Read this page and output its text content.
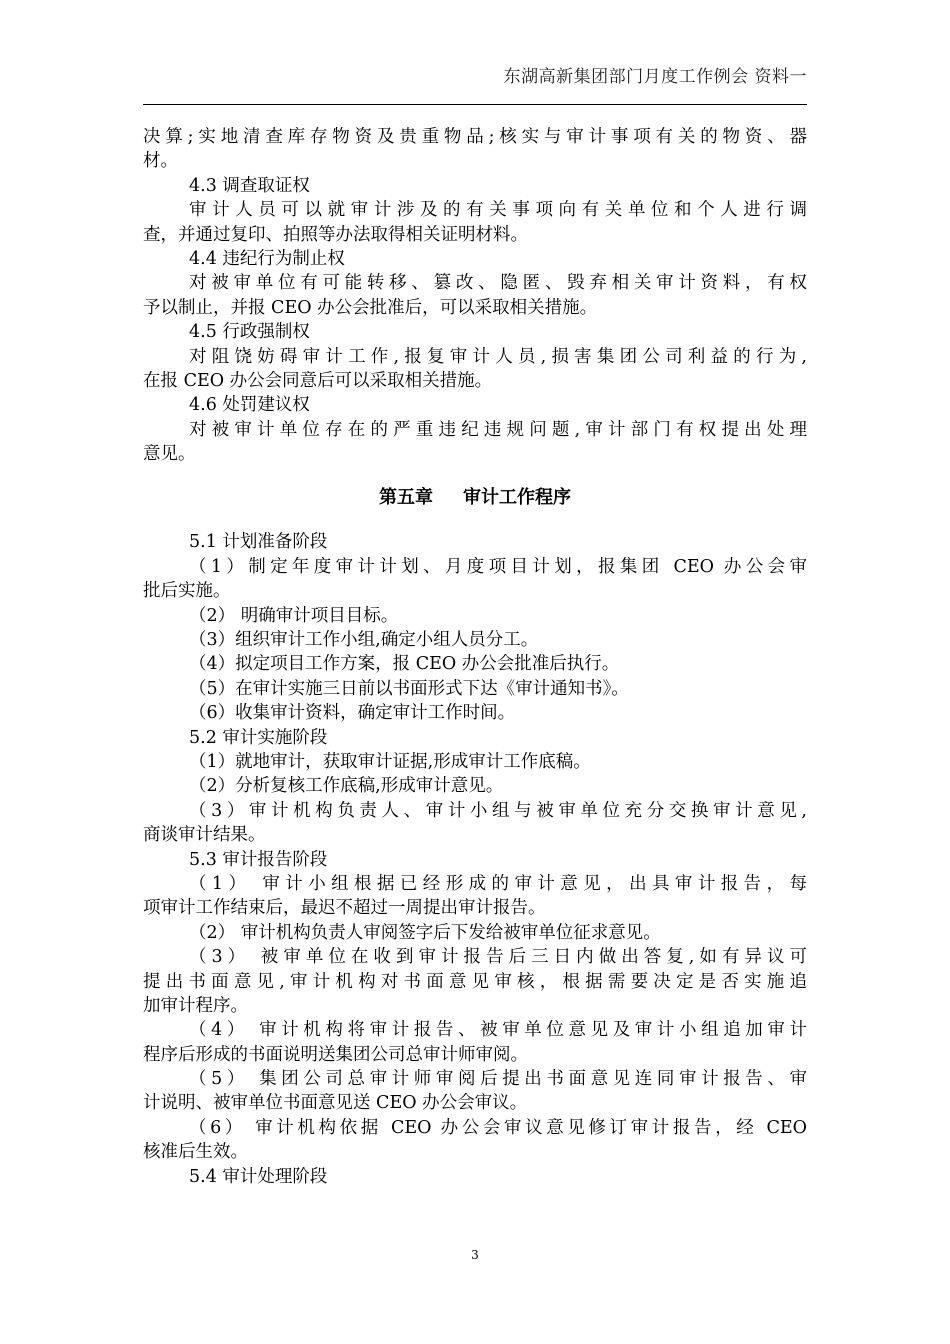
东湖高新集团部门月度工作例会 资料一
决算;实地清查库存物资及贵重物品;核实与审计事项有关的物资、器
材。
4.3 调查取证权
审计人员可以就审计涉及的有关事项向有关单位和个人进行调
查，并通过复印、拍照等办法取得相关证明材料。
4.4 违纪行为制止权
对被审单位有可能转移、篡改、隐匿、毁弃相关审计资料，有权
予以制止，并报 CEO 办公会批准后，可以采取相关措施。
4.5 行政强制权
对阻饶妨碍审计工作,报复审计人员,损害集团公司利益的行为,
在报 CEO 办公会同意后可以采取相关措施。
4.6 处罚建议权
对被审计单位存在的严重违纪违规问题,审计部门有权提出处理
意见。
第五章 审计工作程序
5.1 计划准备阶段
（1）制定年度审计计划、月度项目计划，报集团 CEO 办公会审
批后实施。
（2） 明确审计项目目标。
（3）组织审计工作小组,确定小组人员分工。
（4）拟定项目工作方案，报 CEO 办公会批准后执行。
（5）在审计实施三日前以书面形式下达《审计通知书》。
（6）收集审计资料，确定审计工作时间。
5.2 审计实施阶段
（1）就地审计，获取审计证据,形成审计工作底稿。
（2）分析复核工作底稿,形成审计意见。
（3）审计机构负责人、审计小组与被审单位充分交换审计意见,
商谈审计结果。
5.3 审计报告阶段
（1） 审计小组根据已经形成的审计意见，出具审计报告，每
项审计工作结束后，最迟不超过一周提出审计报告。
（2） 审计机构负责人审阅签字后下发给被审单位征求意见。
（3） 被审单位在收到审计报告后三日内做出答复,如有异议可
提出书面意见,审计机构对书面意见审核，根据需要决定是否实施追
加审计程序。
（4） 审计机构将审计报告、被审单位意见及审计小组追加审计
程序后形成的书面说明送集团公司总审计师审阅。
（5） 集团公司总审计师审阅后提出书面意见连同审计报告、审
计说明、被审单位书面意见送 CEO 办公会审议。
（6） 审计机构依据 CEO 办公会审议意见修订审计报告，经 CEO
核准后生效。
5.4 审计处理阶段
3
